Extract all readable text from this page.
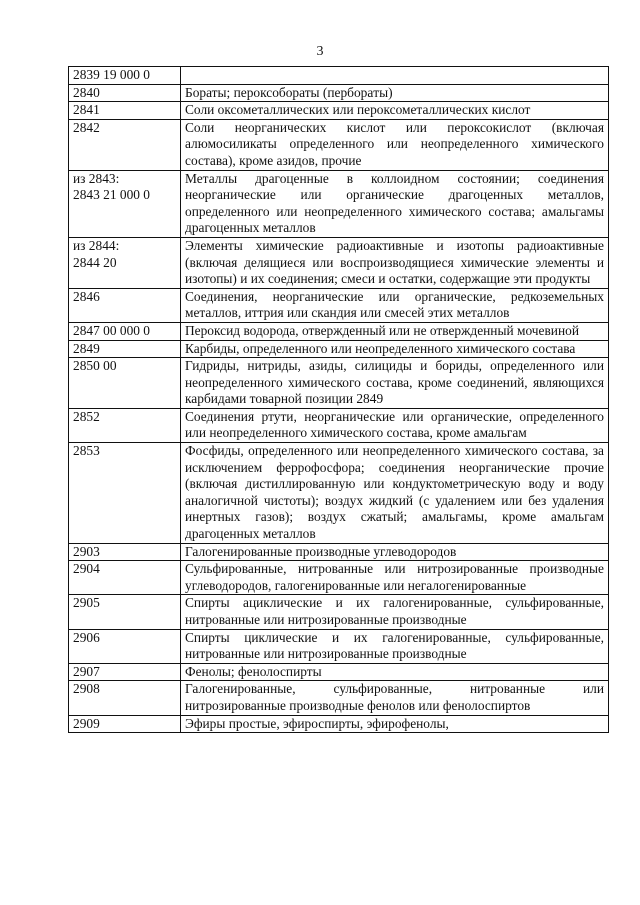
3
2839 19 000 0	

2840	Бораты; пероксобораты (перборaты)

2841	Соли оксометаллических или пероксометаллических кислот

2842	Соли неорганических кислот или пероксокислот (включая алюмосиликаты определенного или неопределенного химического состава), кроме азидов, прочие

из 2843:
2843 21 000 0	Металлы драгоценные в коллоидном состоянии; соединения неорганические или органические драгоценных металлов, определенного или неопределенного химического состава; амальгамы драгоценных металлов

из 2844:
2844 20	Элементы химические радиоактивные и изотопы радиоактивные (включая делящиеся или воспроизводящиеся химические элементы и изотопы) и их соединения; смеси и остатки, содержащие эти продукты

2846	Соединения, неорганические или органические, редкоземельных металлов, иттрия или скандия или смесей этих металлов

2847 00 000 0	Пероксид водорода, отвержденный или не отвержденный мочевиной

2849	Карбиды, определенного или неопределенного химического состава

2850 00	Гидриды, нитриды, азиды, силициды и бориды, определенного или неопределенного химического состава, кроме соединений, являющихся карбидами товарной позиции 2849

2852	Соединения ртути, неорганические или органические, определенного или неопределенного химического состава, кроме амальгам

2853	Фосфиды, определенного или неопределенного химического состава, за исключением феррофосфора; соединения неорганические прочие (включая дистиллированную или кондуктометрическую воду и воду аналогичной чистоты); воздух жидкий (с удалением или без удаления инертных газов); воздух сжатый; амальгамы, кроме амальгам драгоценных металлов

2903	Галогенированные производные углеводородов

2904	Сульфированные, нитрованные или нитрозированные производные углеводородов, галогенированные или негалогенированные

2905	Спирты ациклические и их галогенированные, сульфированные, нитрованные или нитрозированные производные

2906	Спирты циклические и их галогенированные, сульфированные, нитрованные или нитрозированные производные

2907	Фенолы; фенолоспирты

2908	Галогенированные, сульфированные, нитрованные или нитрозированные производные фенолов или фенолоспиртов

2909	Эфиры простые, эфироспирты, эфирофенолы,
